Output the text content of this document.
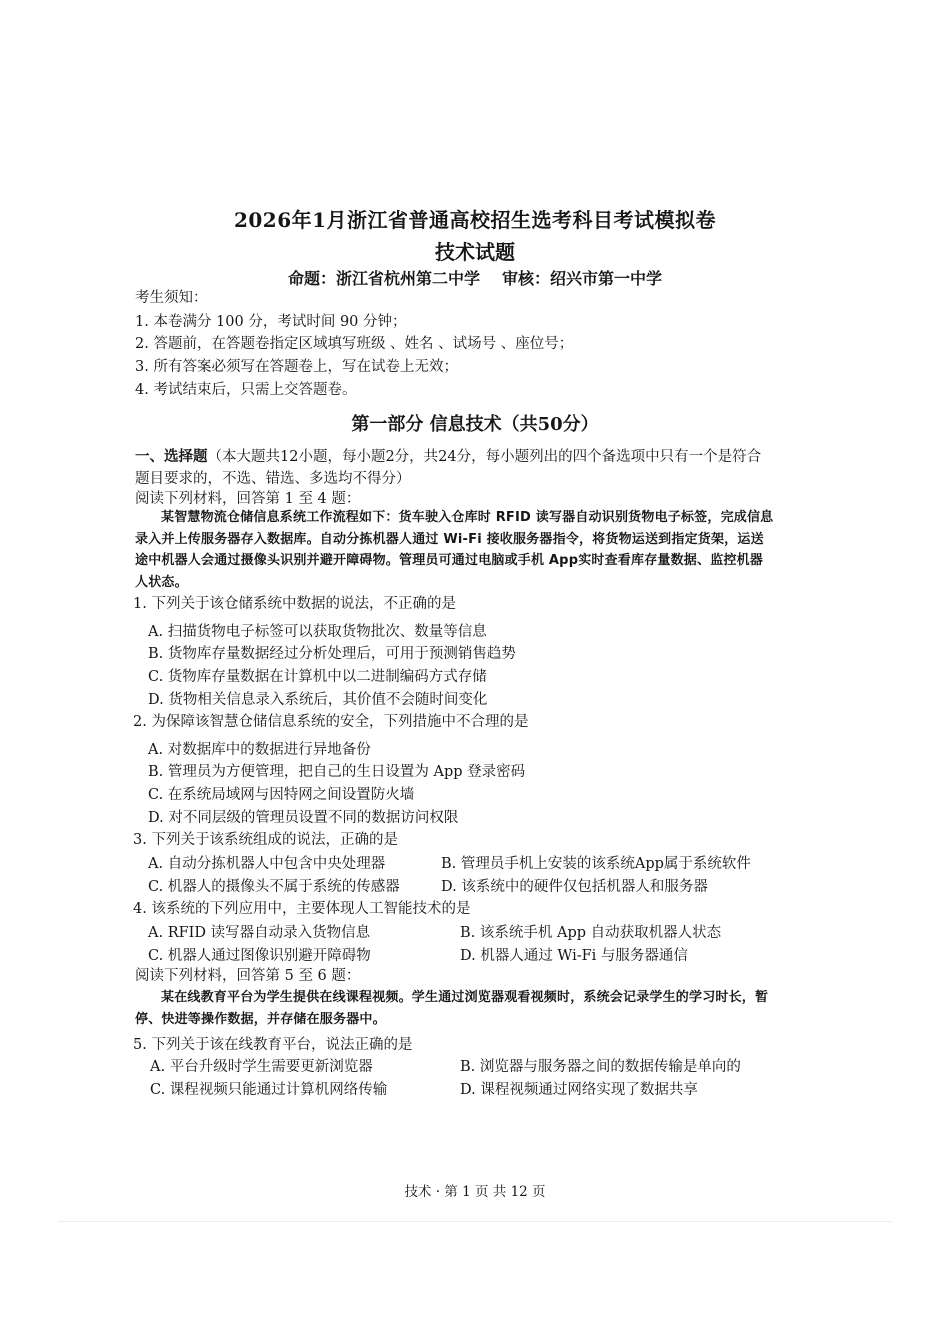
2026年1月浙江省普通高校招生选考科目考试模拟卷
技术试题
命题：浙江省杭州第二中学 审核：绍兴市第一中学
考生须知：
1. 本卷满分 100 分，考试时间 90 分钟；
2. 答题前，在答题卷指定区域填写班级 、姓名 、试场号 、座位号；
3. 所有答案必须写在答题卷上，写在试卷上无效；
4. 考试结束后，只需上交答题卷。
第一部分 信息技术（共50分）
一、选择题（本大题共12小题，每小题2分，共24分，每小题列出的四个备选项中只有一个是符合题目要求的，不选、错选、多选均不得分）
阅读下列材料，回答第 1 至 4 题：
某智慧物流仓储信息系统工作流程如下：货车驶入仓库时 RFID 读写器自动识别货物电子标签，完成信息录入并上传服务器存入数据库。自动分拣机器人通过 Wi-Fi 接收服务器指令，将货物运送到指定货架，运送途中机器人会通过摄像头识别并避开障碍物。管理员可通过电脑或手机 App实时查看库存量数据、监控机器人状态。
1. 下列关于该仓储系统中数据的说法，不正确的是
A. 扫描货物电子标签可以获取货物批次、数量等信息
B. 货物库存量数据经过分析处理后，可用于预测销售趋势
C. 货物库存量数据在计算机中以二进制编码方式存储
D. 货物相关信息录入系统后，其价值不会随时间变化
2. 为保障该智慧仓储信息系统的安全，下列措施中不合理的是
A. 对数据库中的数据进行异地备份
B. 管理员为方便管理，把自己的生日设置为 App 登录密码
C. 在系统局域网与因特网之间设置防火墙
D. 对不同层级的管理员设置不同的数据访问权限
3. 下列关于该系统组成的说法，正确的是
A. 自动分拣机器人中包含中央处理器	B. 管理员手机上安装的该系统App属于系统软件
C. 机器人的摄像头不属于系统的传感器	D. 该系统中的硬件仅包括机器人和服务器
4. 该系统的下列应用中，主要体现人工智能技术的是
A. RFID 读写器自动录入货物信息	B. 该系统手机 App 自动获取机器人状态
C. 机器人通过图像识别避开障碍物	D. 机器人通过 Wi-Fi 与服务器通信
阅读下列材料，回答第 5 至 6 题：
某在线教育平台为学生提供在线课程视频。学生通过浏览器观看视频时，系统会记录学生的学习时长，暂停、快进等操作数据，并存储在服务器中。
5. 下列关于该在线教育平台，说法正确的是
A. 平台升级时学生需要更新浏览器	B. 浏览器与服务器之间的数据传输是单向的
C. 课程视频只能通过计算机网络传输	D. 课程视频通过网络实现了数据共享
技术 · 第 1 页 共 12 页
